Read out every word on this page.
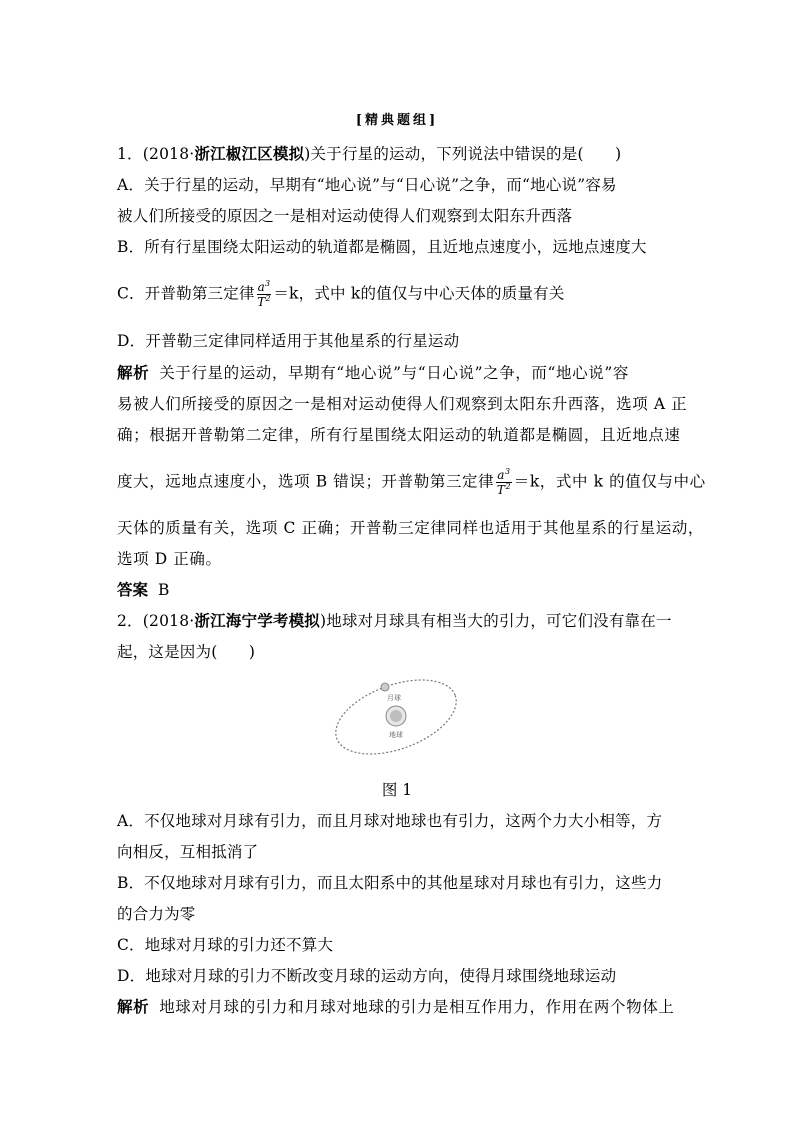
[精典题组]
1．(2018·浙江椒江区模拟)关于行星的运动，下列说法中错误的是(　　)
A．关于行星的运动，早期有“地心说”与“日心说”之争，而“地心说”容易
被人们所接受的原因之一是相对运动使得人们观察到太阳东升西落
B．所有行星围绕太阳运动的轨道都是椭圆，且近地点速度小，远地点速度大
C．开普勒第三定律 $\frac{a^3}{T^2} =k$，式中 k的值仅与中心天体的质量有关
D．开普勒三定律同样适用于其他星系的行星运动
解析 关于行星的运动，早期有“地心说”与“日心说”之争，而“地心说”容
易被人们所接受的原因之一是相对运动使得人们观察到太阳东升西落，选项 A 正
确；根据开普勒第二定律，所有行星围绕太阳运动的轨道都是椭圆，且近地点速
度大，远地点速度小，选项 B 错误；开普勒第三定律 $\frac{a^3}{T^2} =k$，式中 k 的值仅与中心
天体的质量有关，选项 C 正确；开普勒三定律同样也适用于其他星系的行星运动，
选项 D 正确。
答案 B
2．(2018·浙江海宁学考模拟)地球对月球具有相当大的引力，可它们没有靠在一
起，这是因为(　　)
月球
地球
图 1
A．不仅地球对月球有引力，而且月球对地球也有引力，这两个力大小相等，方
向相反，互相抵消了
B．不仅地球对月球有引力，而且太阳系中的其他星球对月球也有引力，这些力
的合力为零
C．地球对月球的引力还不算大
D．地球对月球的引力不断改变月球的运动方向，使得月球围绕地球运动
解析 地球对月球的引力和月球对地球的引力是相互作用力，作用在两个物体上
